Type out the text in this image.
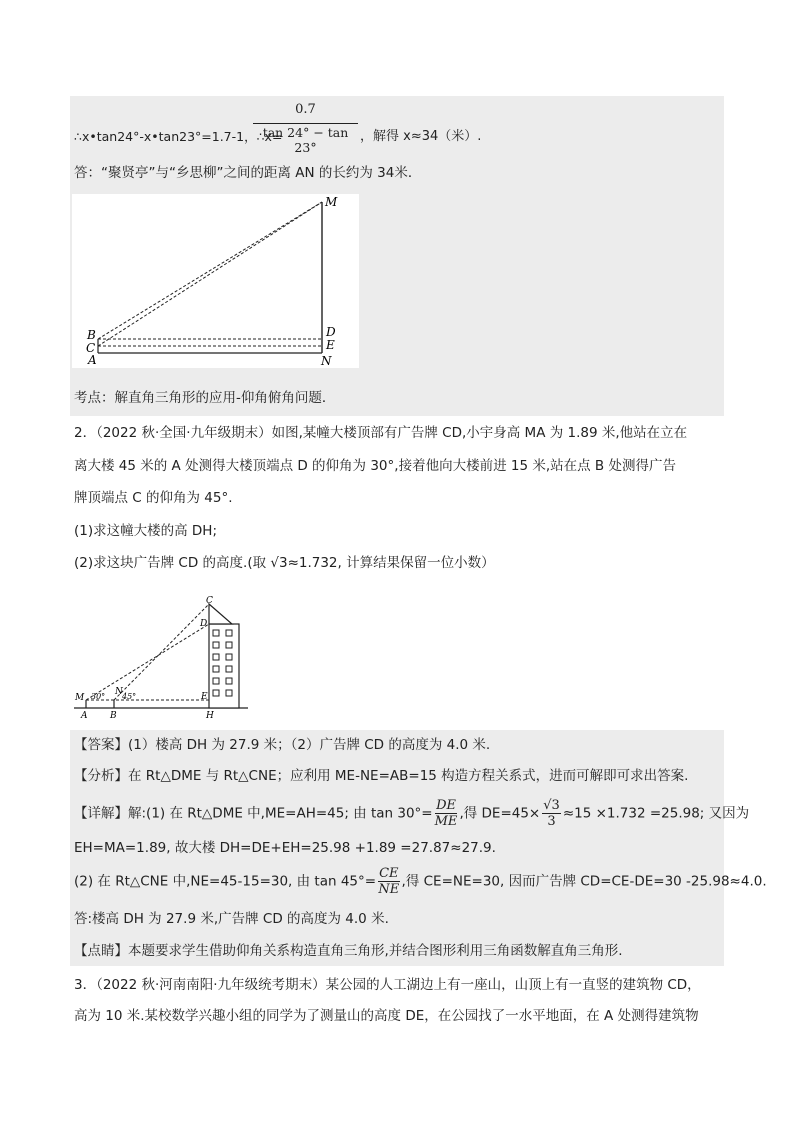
0.7
tan 24° − tan 23°
∴x•tan24°-x•tan23°=1.7-1，∴x=	，解得 x≈34（米）.
答：“聚贤亭”与“乡思柳”之间的距离 AN 的长约为 34米．
M
B
C
A
D
E
N
考点：解直角三角形的应用-仰角俯角问题．
2．（2022 秋·全国·九年级期末）如图,某幢大楼顶部有广告牌 CD,小宇身高 MA 为 1.89 米,他站在立在
离大楼 45 米的 A 处测得大楼顶端点 D 的仰角为 30°,接着他向大楼前进 15 米,站在点 B 处测得广告
牌顶端点 C 的仰角为 45°.
(1)求这幢大楼的高 DH;
(2)求这块广告牌 CD 的高度.(取 √3≈1.732, 计算结果保留一位小数）
C
D
M
N
30° 45°
A	B
E
H
【答案】(1）楼高 DH 为 27.9 米；（2）广告牌 CD 的高度为 4.0 米.
【分析】在 Rt△DME 与 Rt△CNE；应利用 ME-NE=AB=15 构造方程关系式，进而可解即可求出答案.
【详解】解:(1) 在 Rt△DME 中,ME=AH=45; 由 $\tan 30^\circ= \frac{DE}{ME}$ ,得 $DE=45\times \frac{√3}{3} \approx 15 \times 1.732 =25.98$; 又因为
EH=MA=1.89, 故大楼 DH=DE+EH=25.98 +1.89 =27.87≈27.9.
(2) 在 Rt△CNE 中,NE=45-15=30, 由 $\tan 45^\circ= \frac{CE}{NE}$ ,得 CE=NE=30, 因而广告牌 CD=CE-DE=30 -25.98≈4.0.
答:楼高 DH 为 27.9 米,广告牌 CD 的高度为 4.0 米.
【点睛】本题要求学生借助仰角关系构造直角三角形,并结合图形利用三角函数解直角三角形.
3．（2022 秋·河南南阳·九年级统考期末）某公园的人工湖边上有一座山，山顶上有一直竖的建筑物 CD，
高为 10 米.某校数学兴趣小组的同学为了测量山的高度 DE，在公园找了一水平地面，在 A 处测得建筑物
